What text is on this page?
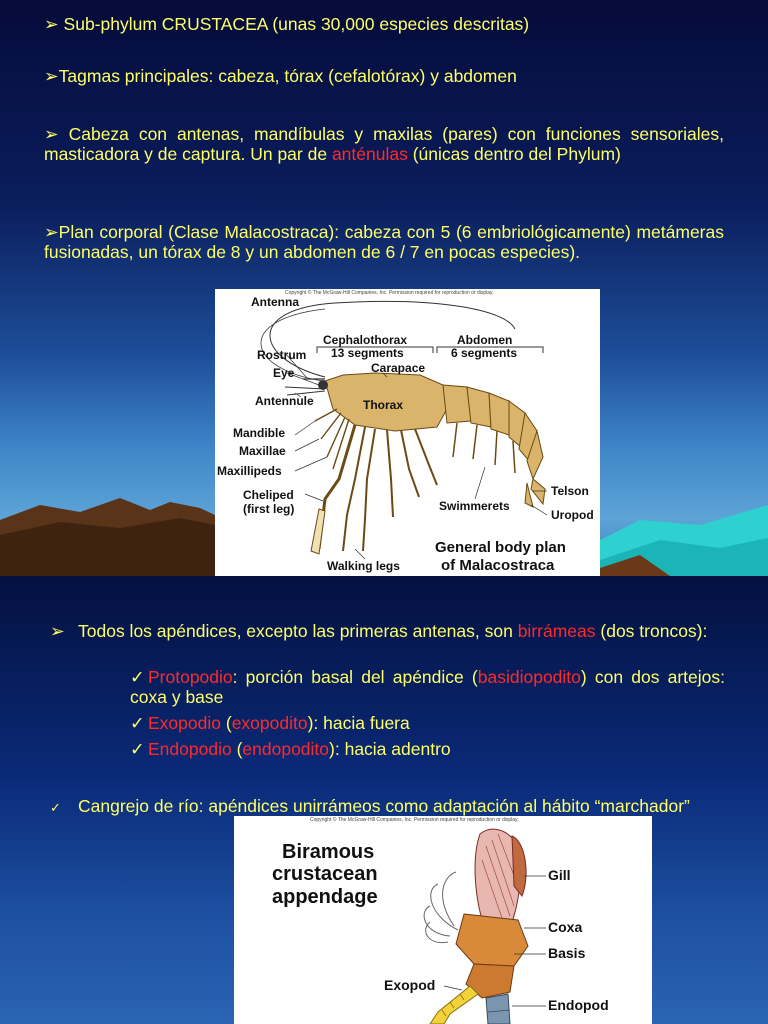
➢ Sub-phylum CRUSTACEA (unas 30,000 especies descritas)
➢Tagmas principales: cabeza, tórax (cefalotórax) y abdomen
➢ Cabeza con antenas, mandíbulas y maxilas (pares) con funciones sensoriales, masticadora y de captura. Un par de anténulas (únicas dentro del Phylum)
➢Plan corporal (Clase Malacostraca): cabeza con 5 (6 embriológicamente) metámeras fusionadas, un tórax de 8 y un abdomen de 6 / 7 en pocas especies).
Copyright © The McGraw-Hill Companies, Inc. Permission required for reproduction or display.
Antenna
Rostrum
Eye
Antennule
Mandible
Maxillae
Maxillipeds
Cheliped
(first leg)
Walking legs
Cephalothorax
13 segments
Abdomen
6 segments
Carapace
Thorax
Swimmerets
Telson
Uropod
General body plan
of Malacostraca
➢ Todos los apéndices, excepto las primeras antenas, son birrámeas (dos troncos):
✓ Protopodio: porción basal del apéndice (basidiopodito) con dos artejos: coxa y base
✓ Exopodio (exopodito): hacia fuera
✓ Endopodio (endopodito): hacia adentro
✓ Cangrejo de río: apéndices unirrámeos como adaptación al hábito “marchador”
Copyright © The McGraw-Hill Companies, Inc. Permission required for reproduction or display.
Biramous
crustacean
appendage
Gill
Coxa
Basis
Exopod
Endopod
